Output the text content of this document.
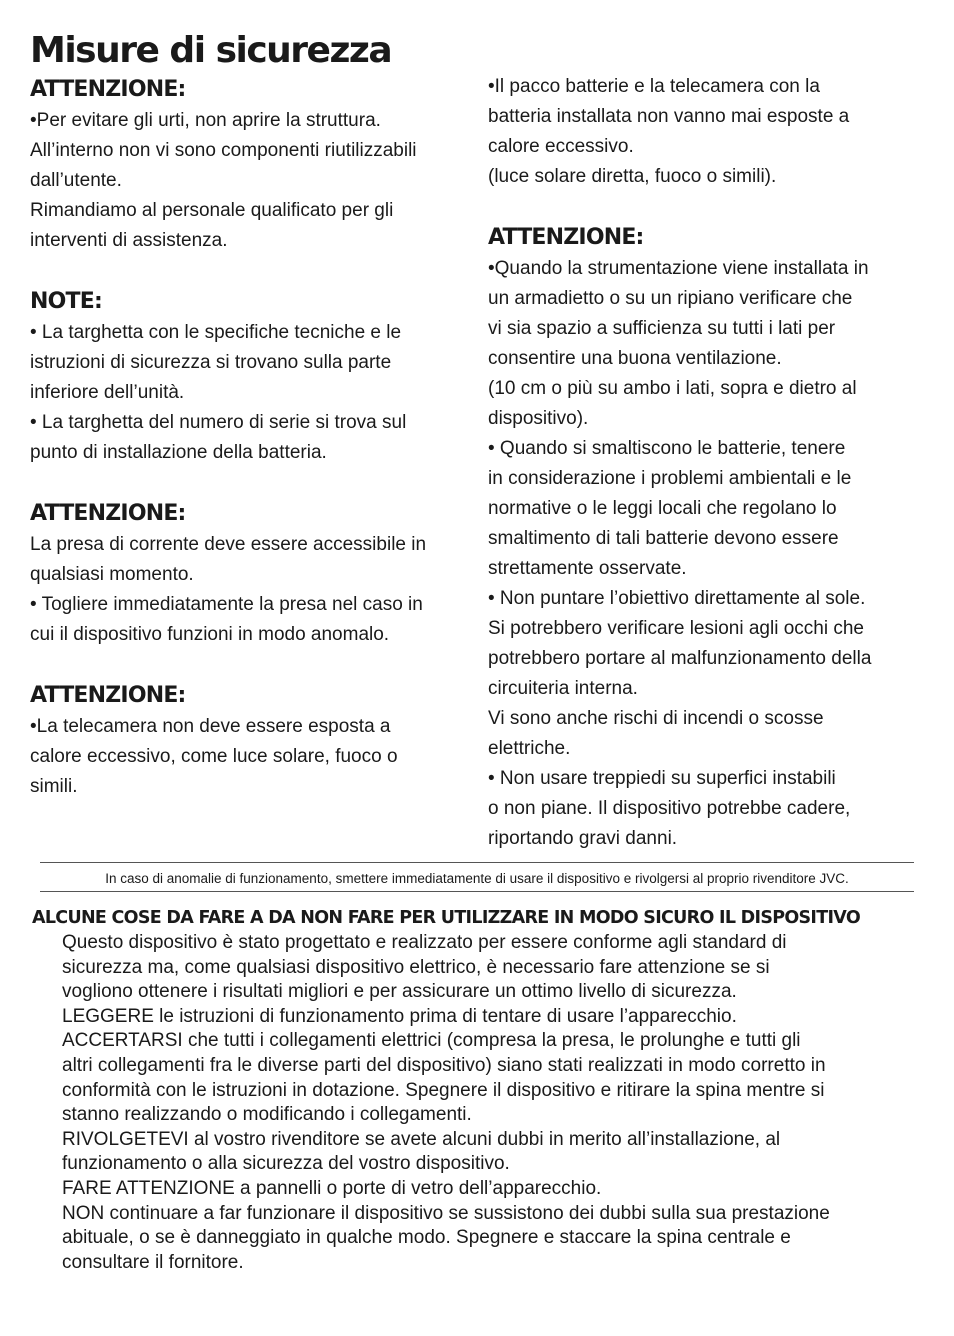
Misure di sicurezza

ATTENZIONE:

•Per evitare gli urti, non aprire la struttura.
All’interno non vi sono componenti riutilizzabili
dall’utente.
Rimandiamo al personale qualificato per gli
interventi di assistenza.

NOTE:

• La targhetta con le specifiche tecniche e le
istruzioni di sicurezza si trovano sulla parte
inferiore dell’unità.
• La targhetta del numero di serie si trova sul
punto di installazione della batteria.

ATTENZIONE:

La presa di corrente deve essere accessibile in
qualsiasi momento.
• Togliere immediatamente la presa nel caso in
cui il dispositivo funzioni in modo anomalo.

ATTENZIONE:

•La telecamera non deve essere esposta a
calore eccessivo, come luce solare, fuoco o
simili.

•Il pacco batterie e la telecamera con la
batteria installata non vanno mai esposte a
calore eccessivo.
(luce solare diretta, fuoco o simili).

ATTENZIONE:

•Quando la strumentazione viene installata in
un armadietto o su un ripiano verificare che
vi sia spazio a sufficienza su tutti i lati per
consentire una buona ventilazione.
(10 cm o più su ambo i lati, sopra e dietro al
dispositivo).
• Quando si smaltiscono le batterie, tenere
in considerazione i problemi ambientali e le
normative o le leggi locali che regolano lo
smaltimento di tali batterie devono essere
strettamente osservate.
• Non puntare l’obiettivo direttamente al sole.
Si potrebbero verificare lesioni agli occhi che
potrebbero portare al malfunzionamento della
circuiteria interna.
Vi sono anche rischi di incendi o scosse
elettriche.
• Non usare treppiedi su superfici instabili
o non piane. Il dispositivo potrebbe cadere,
riportando gravi danni.

In caso di anomalie di funzionamento, smettere immediatamente di usare il dispositivo e rivolgersi al proprio rivenditore JVC.

ALCUNE COSE DA FARE A DA NON FARE PER UTILIZZARE IN MODO SICURO IL DISPOSITIVO

Questo dispositivo è stato progettato e realizzato per essere conforme agli standard di
sicurezza ma, come qualsiasi dispositivo elettrico, è necessario fare attenzione se si
vogliono ottenere i risultati migliori e per assicurare un ottimo livello di sicurezza.
LEGGERE le istruzioni di funzionamento prima di tentare di usare l’apparecchio.
ACCERTARSI che tutti i collegamenti elettrici (compresa la presa, le prolunghe e tutti gli
altri collegamenti fra le diverse parti del dispositivo) siano stati realizzati in modo corretto in
conformità con le istruzioni in dotazione. Spegnere il dispositivo e ritirare la spina mentre si
stanno realizzando o modificando i collegamenti.
RIVOLGETEVI al vostro rivenditore se avete alcuni dubbi in merito all’installazione, al
funzionamento o alla sicurezza del vostro dispositivo.
FARE ATTENZIONE a pannelli o porte di vetro dell’apparecchio.
NON continuare a far funzionare il dispositivo se sussistono dei dubbi sulla sua prestazione
abituale, o se è danneggiato in qualche modo. Spegnere e staccare la spina centrale e
consultare il fornitore.
